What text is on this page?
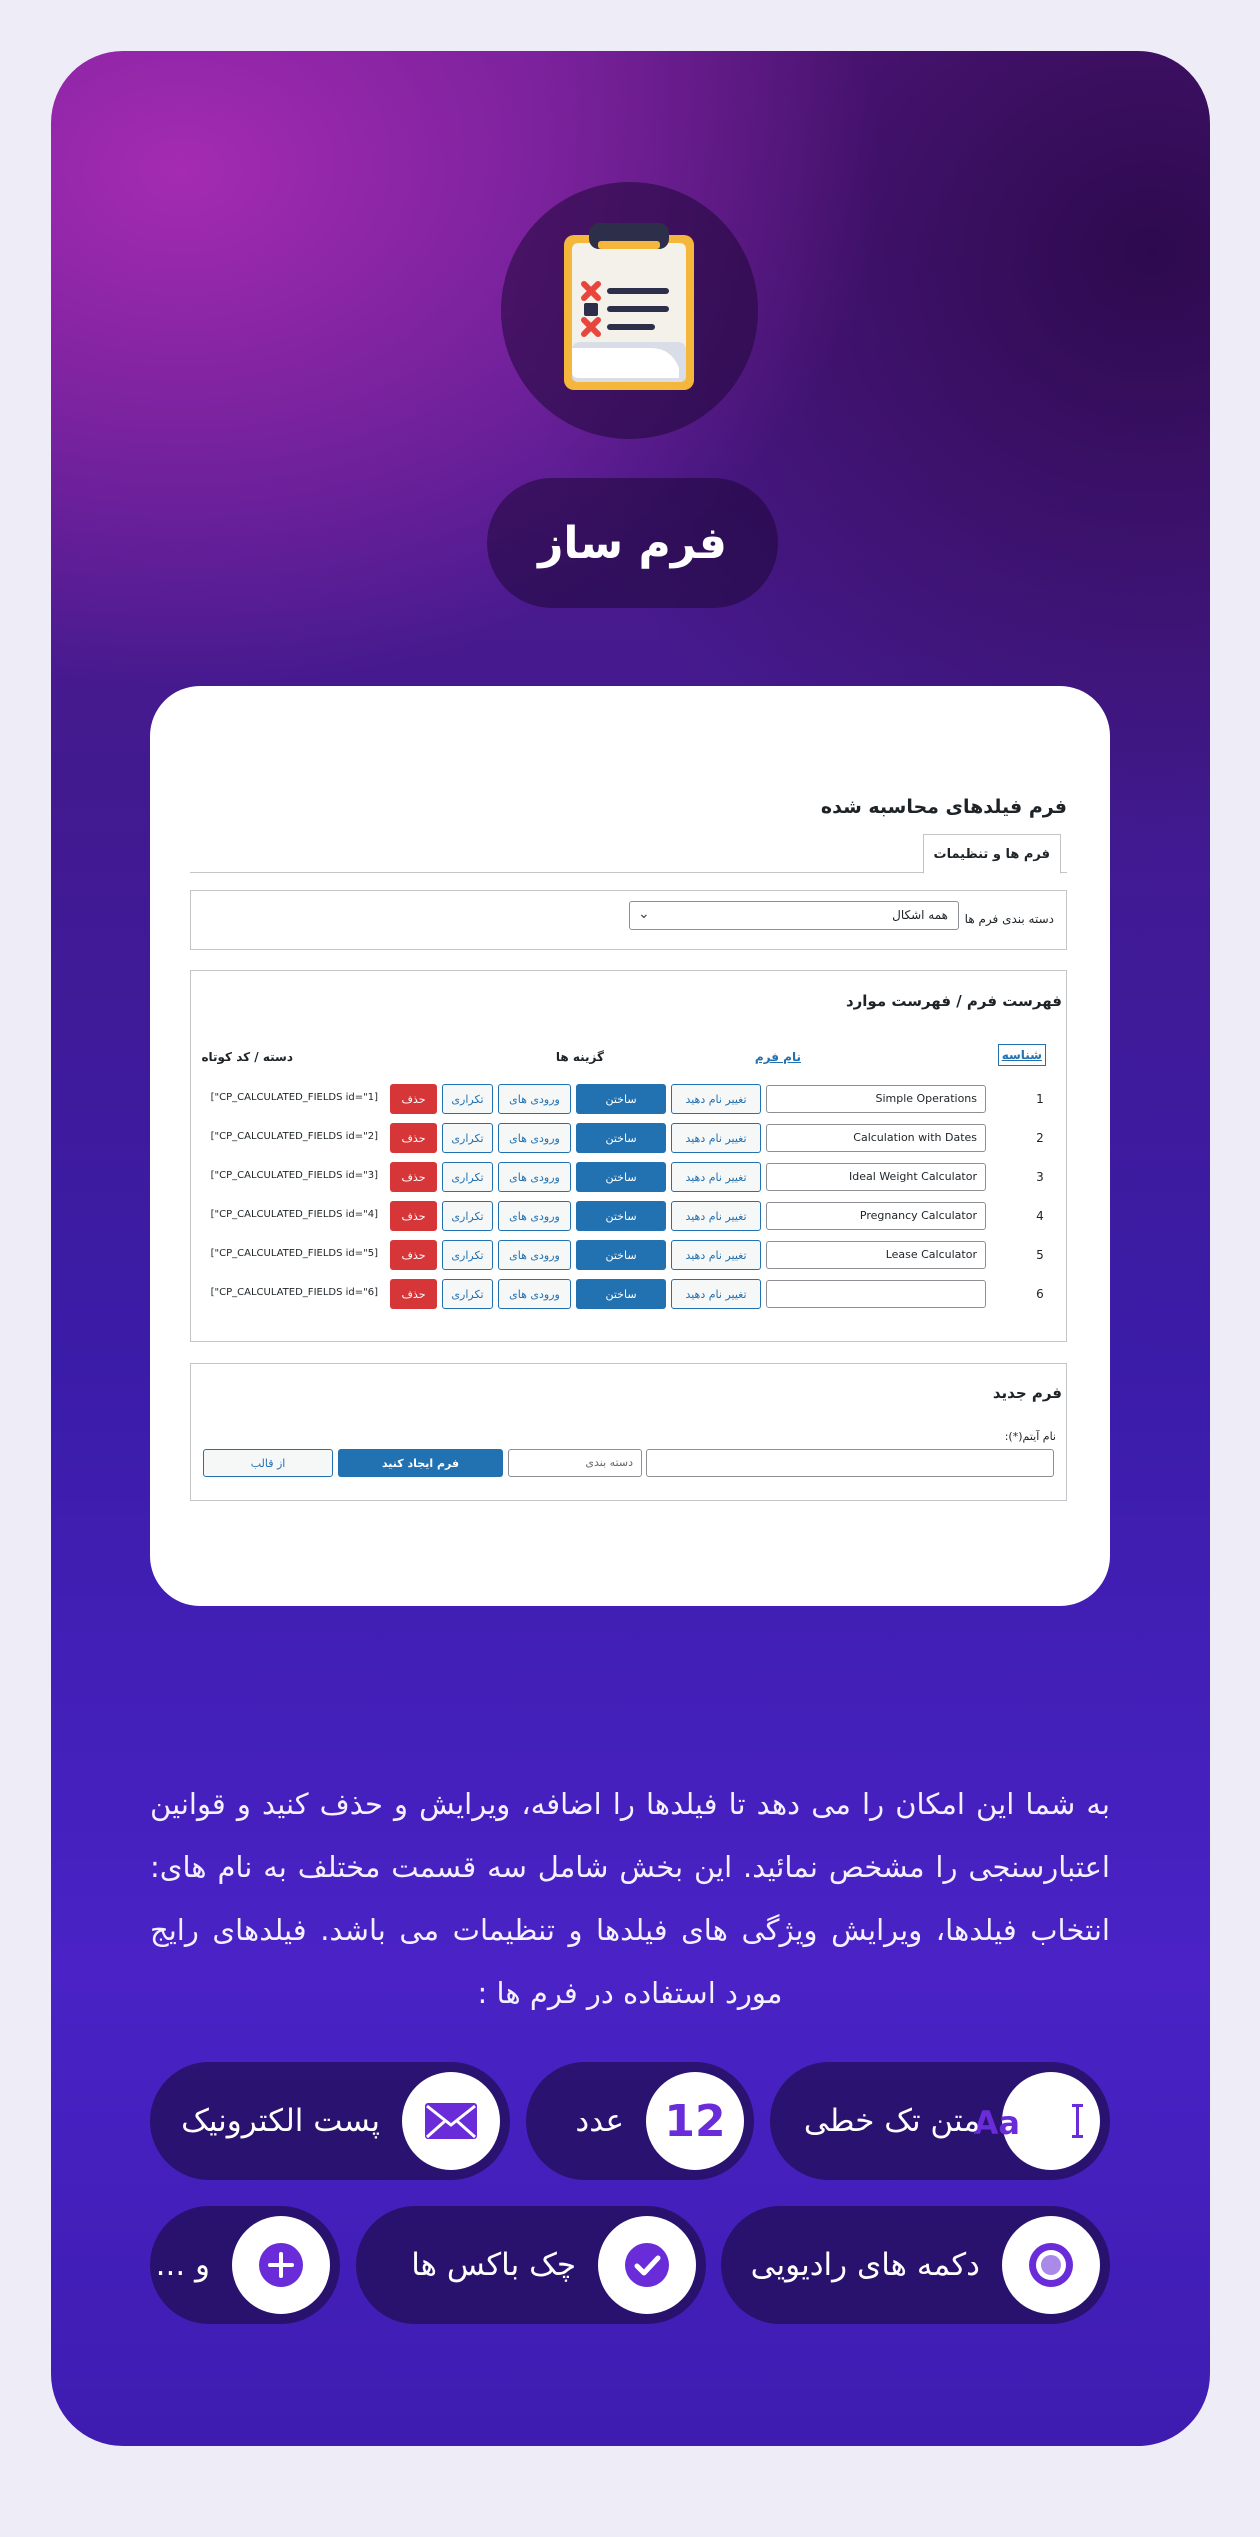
فرم ساز
فرم فیلدهای محاسبه شده
فرم ها و تنظیمات
دسته بندی فرم ها
همه اشکال
⌄
فهرست فرم / فهرست موارد
شناسه
نام فرم
گزینه ها
دسته / کد کوتاه
1
Simple Operations
تغییر نام دهید
ساختن
ورودی های
تکراری
حذف
["CP_CALCULATED_FIELDS id="1]
2
Calculation with Dates
تغییر نام دهید
ساختن
ورودی های
تکراری
حذف
["CP_CALCULATED_FIELDS id="2]
3
Ideal Weight Calculator
تغییر نام دهید
ساختن
ورودی های
تکراری
حذف
["CP_CALCULATED_FIELDS id="3]
4
Pregnancy Calculator
تغییر نام دهید
ساختن
ورودی های
تکراری
حذف
["CP_CALCULATED_FIELDS id="4]
5
Lease Calculator
تغییر نام دهید
ساختن
ورودی های
تکراری
حذف
["CP_CALCULATED_FIELDS id="5]
6
تغییر نام دهید
ساختن
ورودی های
تکراری
حذف
["CP_CALCULATED_FIELDS id="6]
فرم جدید
نام آیتم(*):
دسته بندی
فرم ایجاد کنید
از قالب

به شما این امکان را می دهد تا فیلدها را اضافه، ویرایش و حذف کنید و قوانین اعتبارسنجی را مشخص نمائید. این بخش شامل سه قسمت مختلف به نام های: انتخاب فیلدها، ویرایش ویژگی های فیلدها و تنظیمات می باشد. فیلدهای رایج مورد استفاده در فرم ها :

Aa
متن تک خطی
12
عدد
پست الکترونیک
دکمه های رادیویی
چک باکس ها
و ...
